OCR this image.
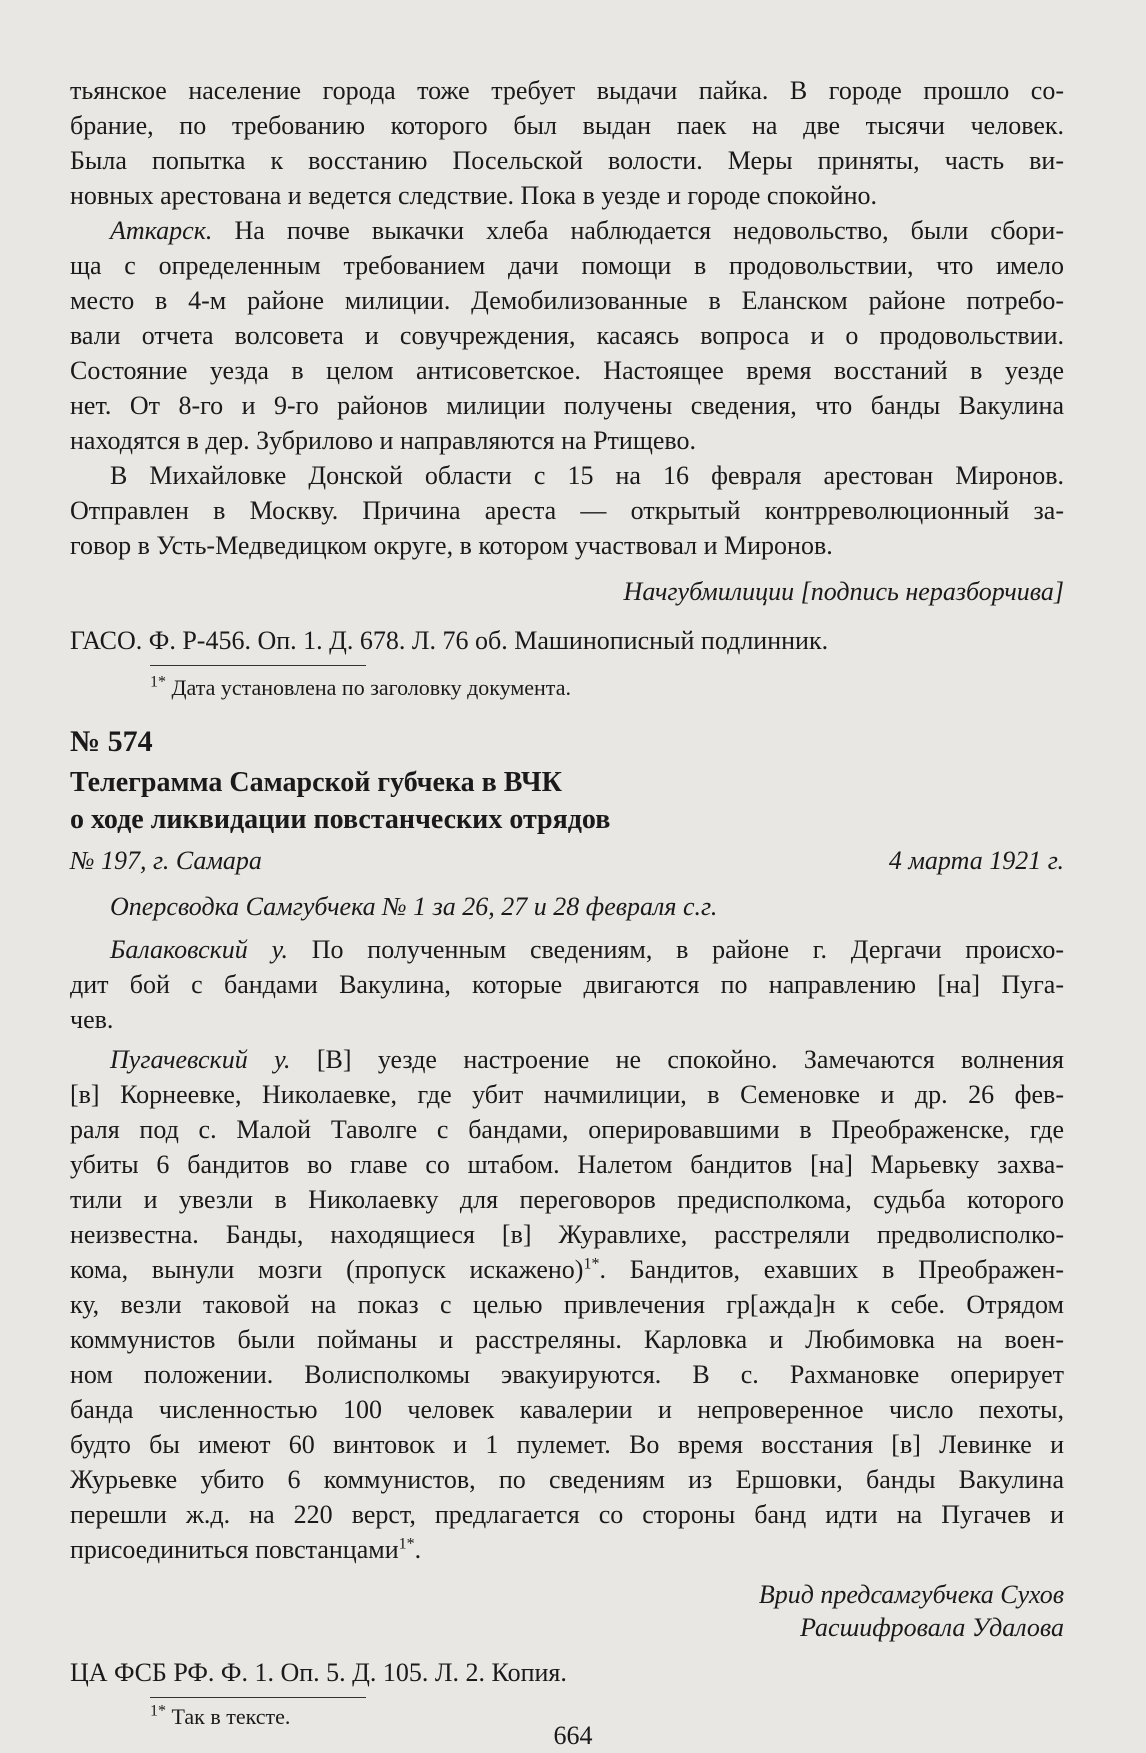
тьянское население города тоже требует выдачи пайка. В городе прошло со-
брание, по требованию которого был выдан паек на две тысячи человек.
Была попытка к восстанию Посельской волости. Меры приняты, часть ви-
новных арестована и ведется следствие. Пока в уезде и городе спокойно.
Аткарск. На почве выкачки хлеба наблюдается недовольство, были сбори-
ща с определенным требованием дачи помощи в продовольствии, что имело
место в 4-м районе милиции. Демобилизованные в Еланском районе потребо-
вали отчета волсовета и совучреждения, касаясь вопроса и о продовольствии.
Состояние уезда в целом антисоветское. Настоящее время восстаний в уезде
нет. От 8-го и 9-го районов милиции получены сведения, что банды Вакулина
находятся в дер. Зубрилово и направляются на Ртищево.
В Михайловке Донской области с 15 на 16 февраля арестован Миронов.
Отправлен в Москву. Причина ареста — открытый контрреволюционный за-
говор в Усть-Медведицком округе, в котором участвовал и Миронов.
Начгубмилиции [подпись неразборчива]
ГАСО. Ф. Р-456. Оп. 1. Д. 678. Л. 76 об. Машинописный подлинник.
$^{1*}$ Дата установлена по заголовку документа.
№ 574
Телеграмма Самарской губчека в ВЧК
о ходе ликвидации повстанческих отрядов
№ 197, г. Самара	4 марта 1921 г.
Оперсводка Самгубчека № 1 за 26, 27 и 28 февраля с.г.
Балаковский у. По полученным сведениям, в районе г. Дергачи происхо-
дит бой с бандами Вакулина, которые двигаются по направлению [на] Пуга-
чев.
Пугачевский у. [В] уезде настроение не спокойно. Замечаются волнения
[в] Корнеевке, Николаевке, где убит начмилиции, в Семеновке и др. 26 фев-
раля под с. Малой Таволге с бандами, оперировавшими в Преображенске, где
убиты 6 бандитов во главе со штабом. Налетом бандитов [на] Марьевку захва-
тили и увезли в Николаевку для переговоров предисполкома, судьба которого
неизвестна. Банды, находящиеся [в] Журавлихе, расстреляли предволисполко-
кома, вынули мозги (пропуск искажено)$^{1*}$. Бандитов, ехавших в Преображен-
ку, везли таковой на показ с целью привлечения гр[ажда]н к себе. Отрядом
коммунистов были пойманы и расстреляны. Карловка и Любимовка на воен-
ном положении. Волисполкомы эвакуируются. В с. Рахмановке оперирует
банда численностью 100 человек кавалерии и непроверенное число пехоты,
будто бы имеют 60 винтовок и 1 пулемет. Во время восстания [в] Левинке и
Журьевке убито 6 коммунистов, по сведениям из Ершовки, банды Вакулина
перешли ж.д. на 220 верст, предлагается со стороны банд идти на Пугачев и
присоединиться повстанцами$^{1*}$.
Врид предсамгубчека Сухов
Расшифровала Удалова
ЦА ФСБ РФ. Ф. 1. Оп. 5. Д. 105. Л. 2. Копия.
$^{1*}$ Так в тексте.
664
